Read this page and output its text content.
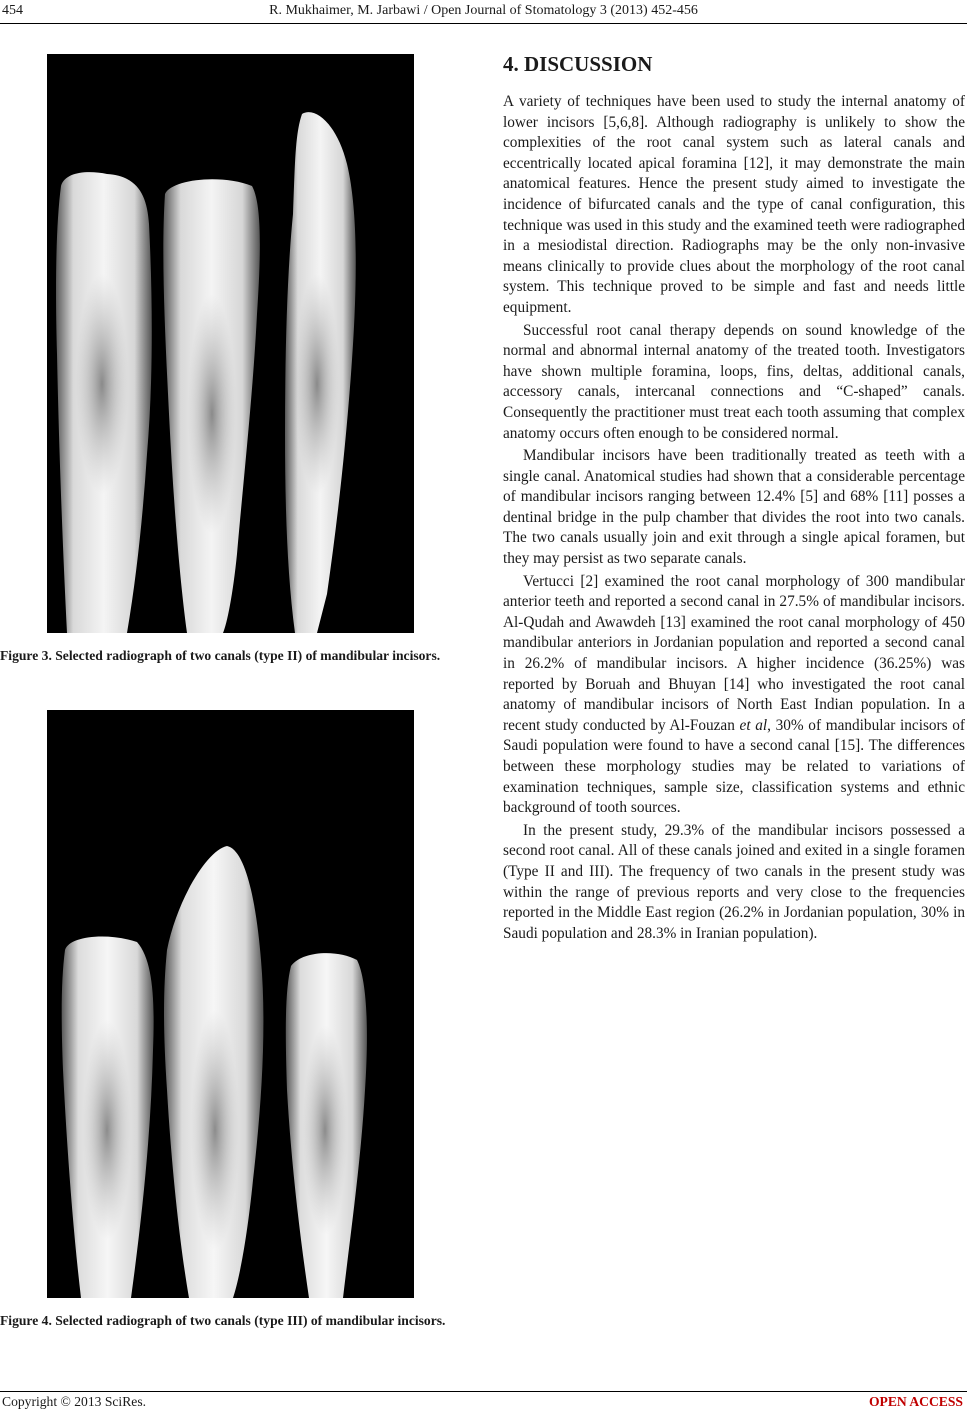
454	R. Mukhaimer, M. Jarbawi / Open Journal of Stomatology 3 (2013) 452-456
Figure 3. Selected radiograph of two canals (type II) of mandibular incisors.
Figure 4. Selected radiograph of two canals (type III) of mandibular incisors.
4. DISCUSSION

A variety of techniques have been used to study the internal anatomy of lower incisors [5,6,8]. Although radiography is unlikely to show the complexities of the root canal system such as lateral canals and eccentrically located apical foramina [12], it may demonstrate the main anatomical features. Hence the present study aimed to investigate the incidence of bifurcated canals and the type of canal configuration, this technique was used in this study and the examined teeth were radiographed in a mesiodistal direction. Radiographs may be the only non-invasive means clinically to provide clues about the morphology of the root canal system. This technique proved to be simple and fast and needs little equipment.

Successful root canal therapy depends on sound knowledge of the normal and abnormal internal anatomy of the treated tooth. Investigators have shown multiple foramina, loops, fins, deltas, additional canals, accessory canals, intercanal connections and “C-shaped” canals. Consequently the practitioner must treat each tooth assuming that complex anatomy occurs often enough to be considered normal.

Mandibular incisors have been traditionally treated as teeth with a single canal. Anatomical studies had shown that a considerable percentage of mandibular incisors ranging between 12.4% [5] and 68% [11] posses a dentinal bridge in the pulp chamber that divides the root into two canals. The two canals usually join and exit through a single apical foramen, but they may persist as two separate canals.

Vertucci [2] examined the root canal morphology of 300 mandibular anterior teeth and reported a second canal in 27.5% of mandibular incisors. Al-Qudah and Awawdeh [13] examined the root canal morphology of 450 mandibular anteriors in Jordanian population and reported a second canal in 26.2% of mandibular incisors. A higher incidence (36.25%) was reported by Boruah and Bhuyan [14] who investigated the root canal anatomy of mandibular incisors of North East Indian population. In a recent study conducted by Al-Fouzan et al, 30% of mandibular incisors of Saudi population were found to have a second canal [15]. The differences between these morphology studies may be related to variations of examination techniques, sample size, classification systems and ethnic background of tooth sources.

In the present study, 29.3% of the mandibular incisors possessed a second root canal. All of these canals joined and exited in a single foramen (Type II and III). The frequency of two canals in the present study was within the range of previous reports and very close to the frequencies reported in the Middle East region (26.2% in Jordanian population, 30% in Saudi population and 28.3% in Iranian population).

Copyright © 2013 SciRes.	OPEN ACCESS
